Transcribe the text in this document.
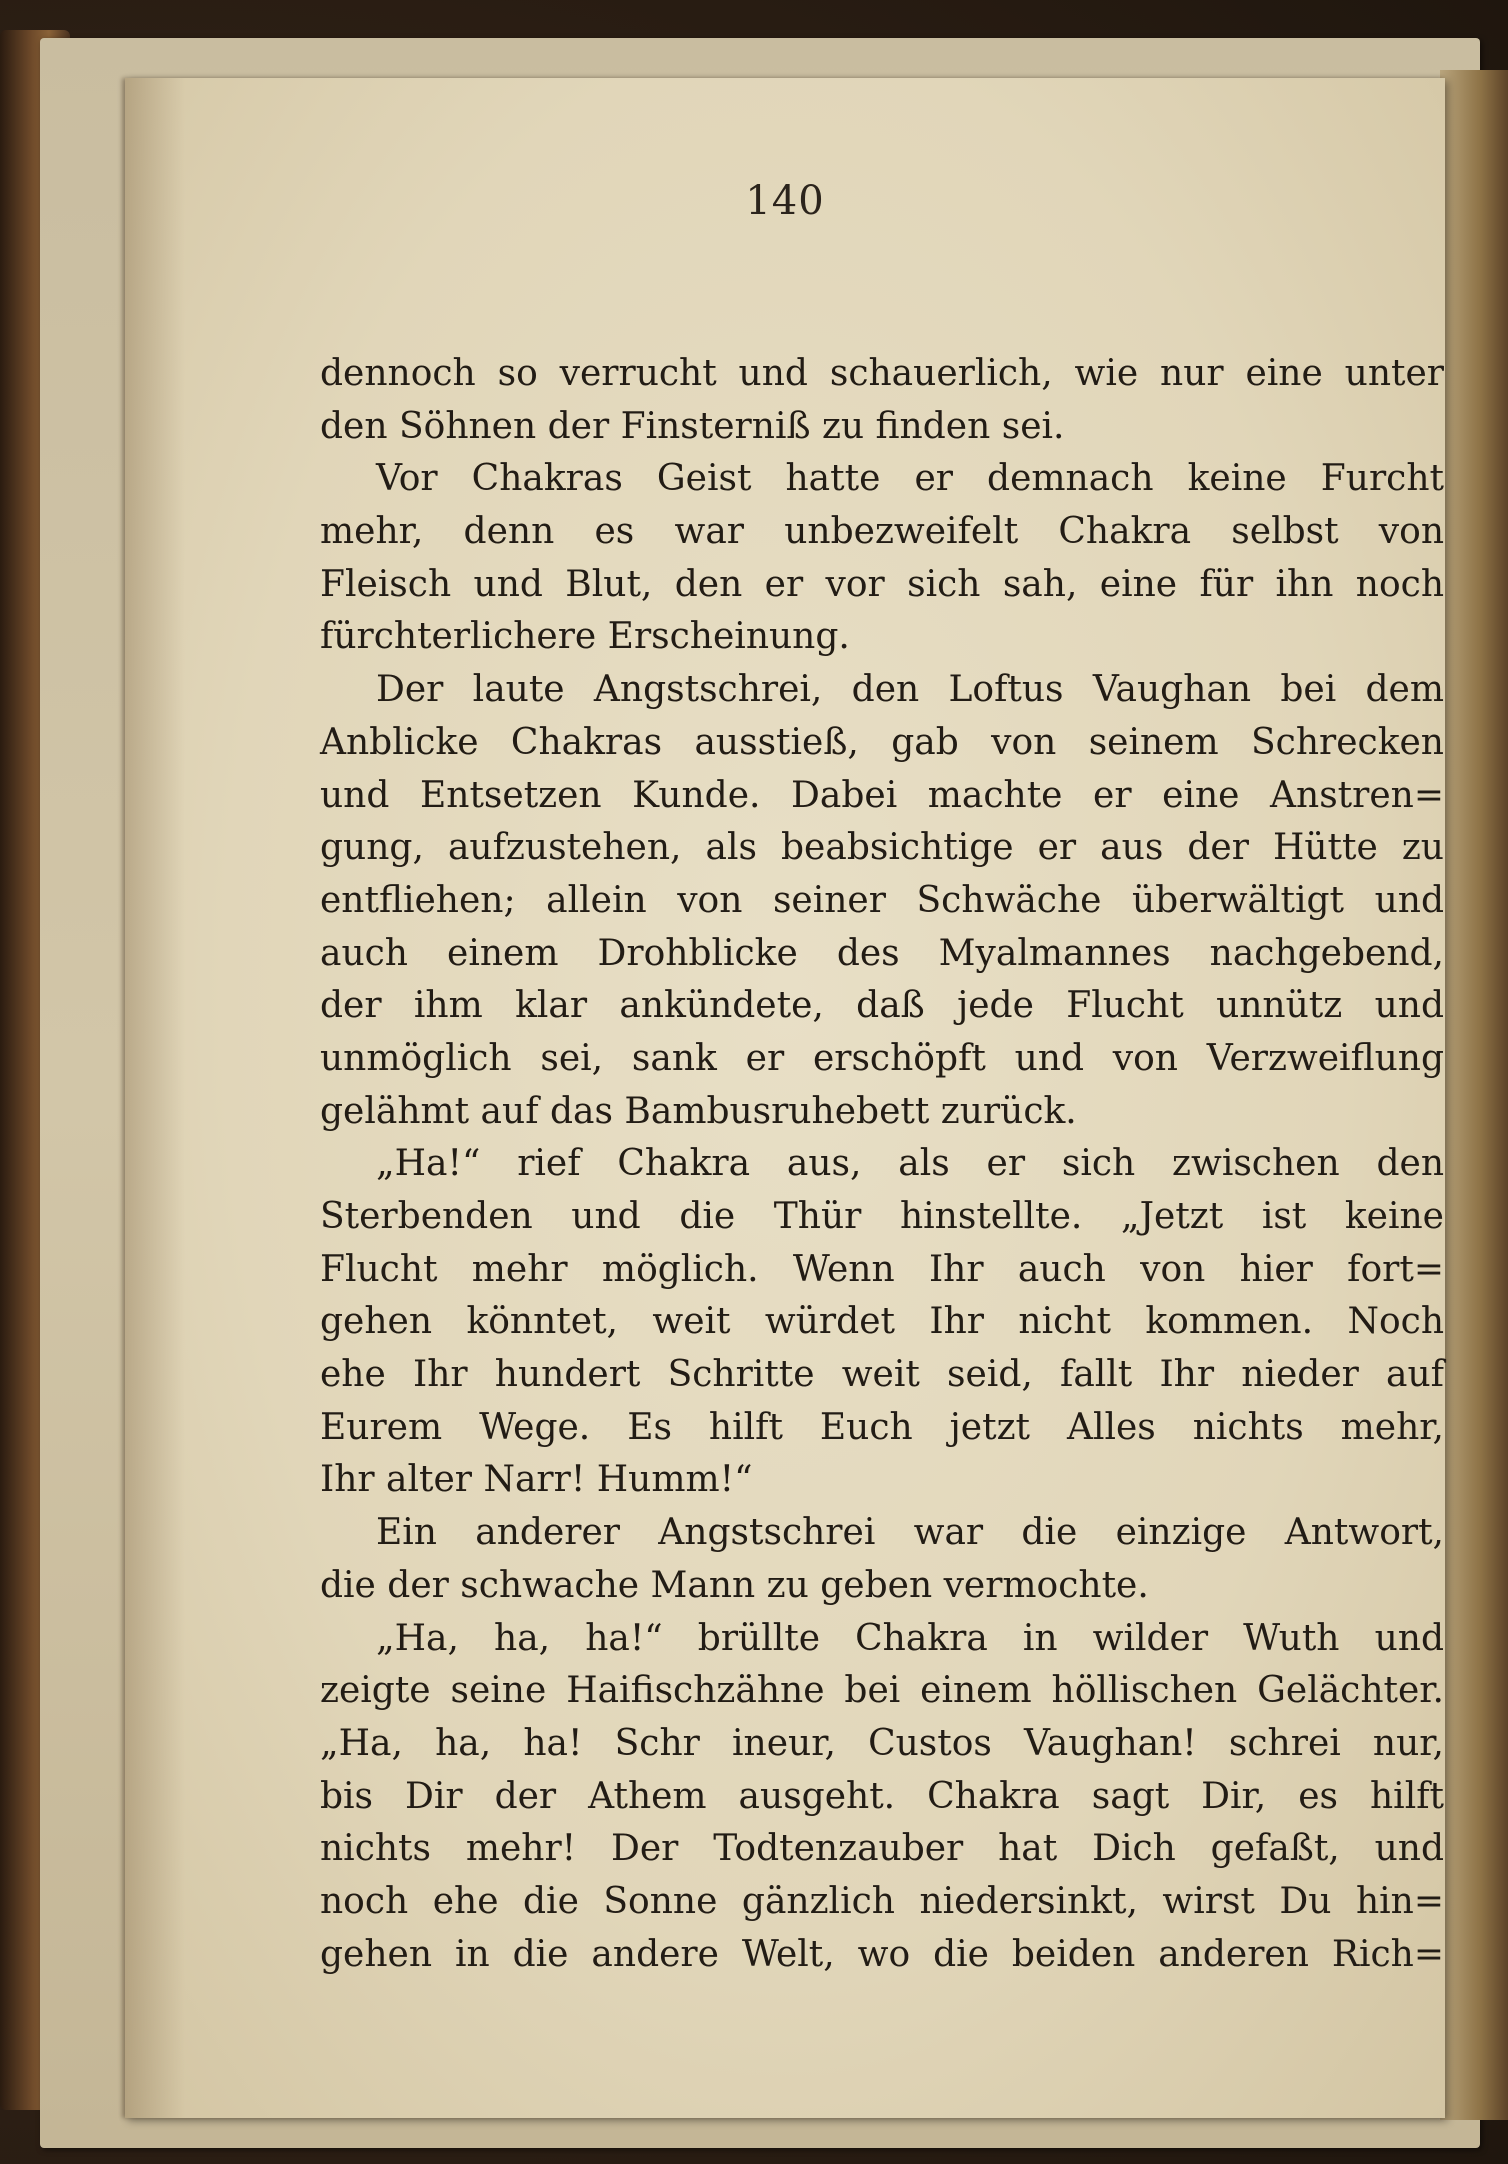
140
dennoch so verrucht und schauerlich, wie nur eine unter
den Söhnen der Finsterniß zu finden sei.
Vor Chakras Geist hatte er demnach keine Furcht
mehr, denn es war unbezweifelt Chakra selbst von
Fleisch und Blut, den er vor sich sah, eine für ihn noch
fürchterlichere Erscheinung.
Der laute Angstschrei, den Loftus Vaughan bei dem
Anblicke Chakras ausstieß, gab von seinem Schrecken
und Entsetzen Kunde. Dabei machte er eine Anstren=
gung, aufzustehen, als beabsichtige er aus der Hütte zu
entfliehen; allein von seiner Schwäche überwältigt und
auch einem Drohblicke des Myalmannes nachgebend,
der ihm klar ankündete, daß jede Flucht unnütz und
unmöglich sei, sank er erschöpft und von Verzweiflung
gelähmt auf das Bambusruhebett zurück.
„Ha!“ rief Chakra aus, als er sich zwischen den
Sterbenden und die Thür hinstellte. „Jetzt ist keine
Flucht mehr möglich. Wenn Ihr auch von hier fort=
gehen könntet, weit würdet Ihr nicht kommen. Noch
ehe Ihr hundert Schritte weit seid, fallt Ihr nieder auf
Eurem Wege. Es hilft Euch jetzt Alles nichts mehr,
Ihr alter Narr! Humm!“
Ein anderer Angstschrei war die einzige Antwort,
die der schwache Mann zu geben vermochte.
„Ha, ha, ha!“ brüllte Chakra in wilder Wuth und
zeigte seine Haifischzähne bei einem höllischen Gelächter.
„Ha, ha, ha! Schr ineur, Custos Vaughan! schrei nur,
bis Dir der Athem ausgeht. Chakra sagt Dir, es hilft
nichts mehr! Der Todtenzauber hat Dich gefaßt, und
noch ehe die Sonne gänzlich niedersinkt, wirst Du hin=
gehen in die andere Welt, wo die beiden anderen Rich=
